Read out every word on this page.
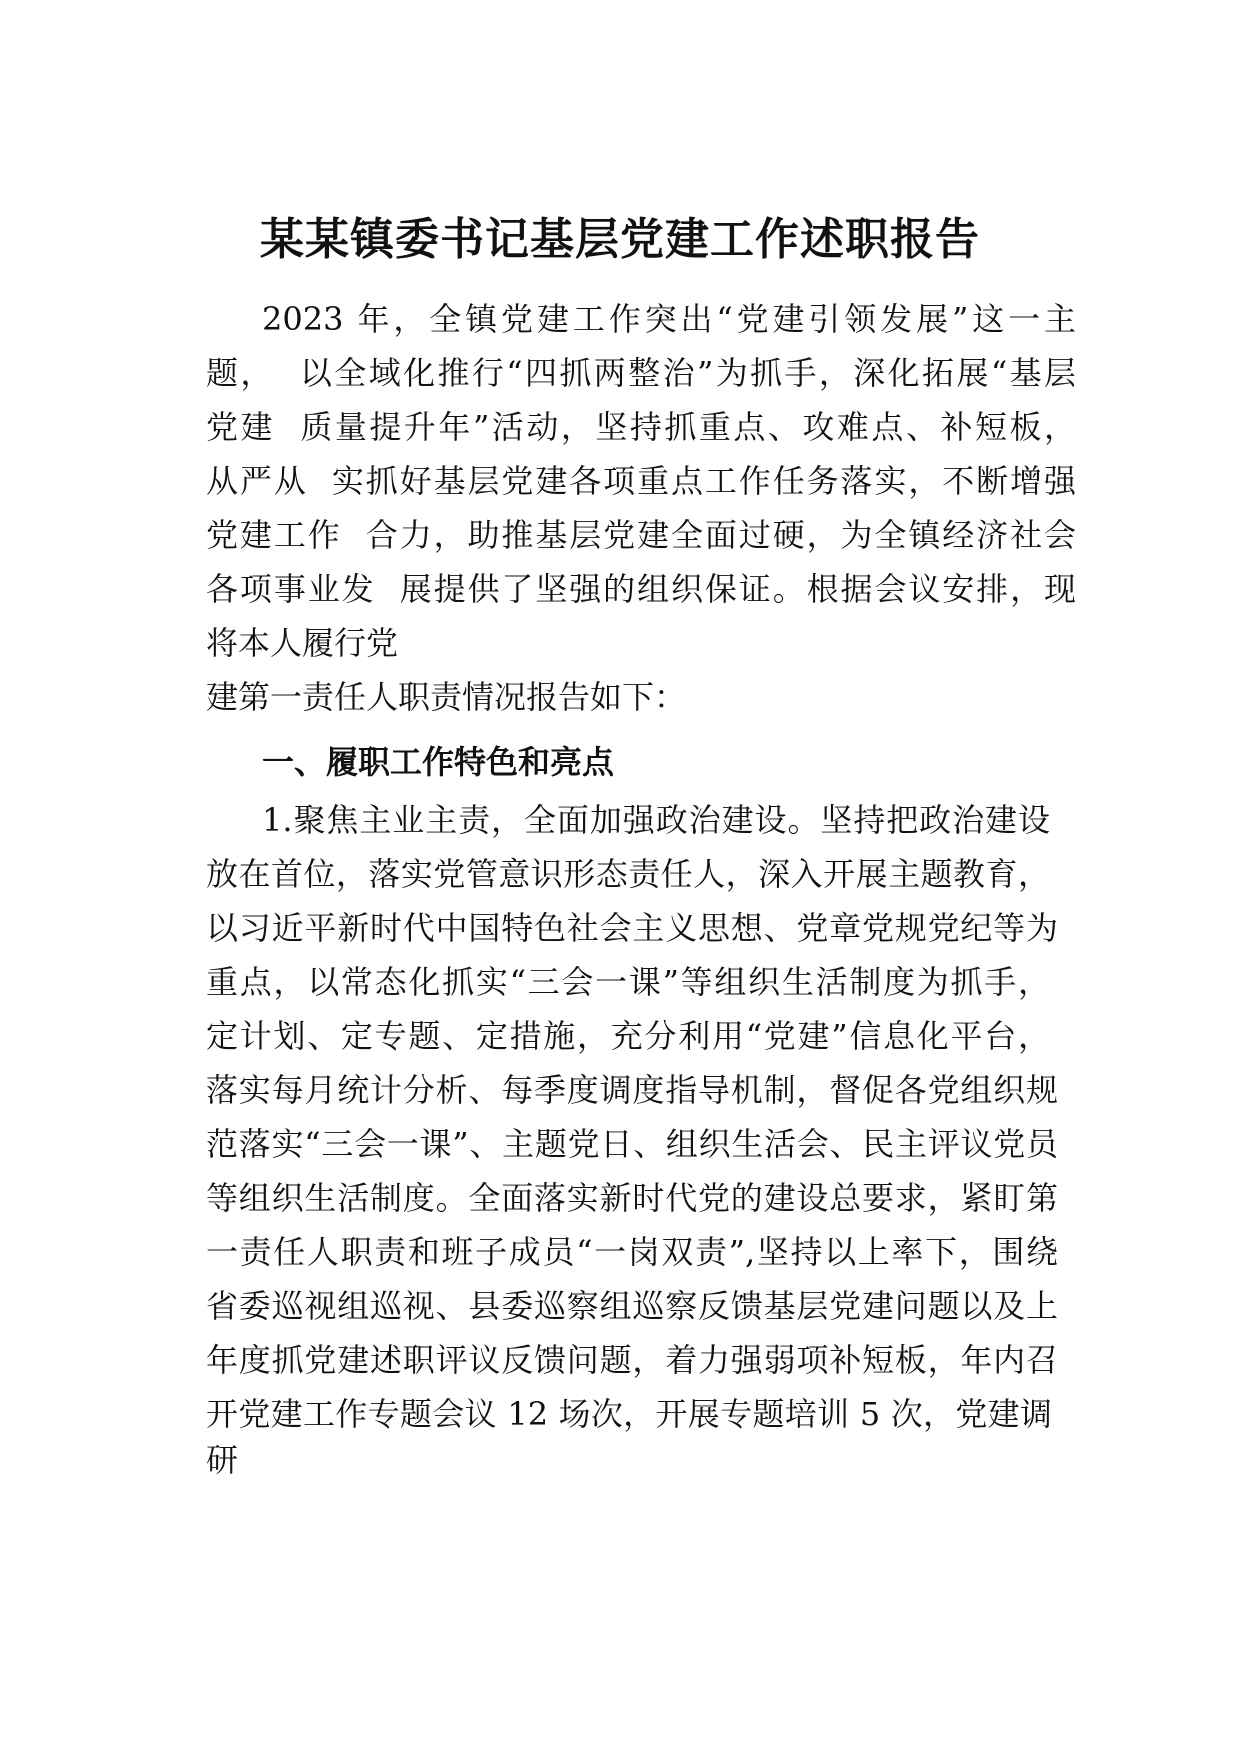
某某镇委书记基层党建工作述职报告
2023 年，全镇党建工作突出“党建引领发展”这一主
题，  以全域化推行“四抓两整治”为抓手，深化拓展“基层
党建  质量提升年”活动，坚持抓重点、攻难点、补短板，
从严从  实抓好基层党建各项重点工作任务落实，不断增强
党建工作  合力，助推基层党建全面过硬，为全镇经济社会
各项事业发  展提供了坚强的组织保证。根据会议安排，现
将本人履行党
建第一责任人职责情况报告如下：
一、履职工作特色和亮点
1.聚焦主业主责，全面加强政治建设。坚持把政治建设
放在首位，落实党管意识形态责任人，深入开展主题教育，
以习近平新时代中国特色社会主义思想、党章党规党纪等为
重点，以常态化抓实“三会一课”等组织生活制度为抓手，
定计划、定专题、定措施，充分利用“党建”信息化平台，
落实每月统计分析、每季度调度指导机制，督促各党组织规
范落实“三会一课”、主题党日、组织生活会、民主评议党员
等组织生活制度。全面落实新时代党的建设总要求，紧盯第
一责任人职责和班子成员“一岗双责”,坚持以上率下，围绕
省委巡视组巡视、县委巡察组巡察反馈基层党建问题以及上
年度抓党建述职评议反馈问题，着力强弱项补短板，年内召
开党建工作专题会议 12 场次，开展专题培训 5 次，党建调
研
